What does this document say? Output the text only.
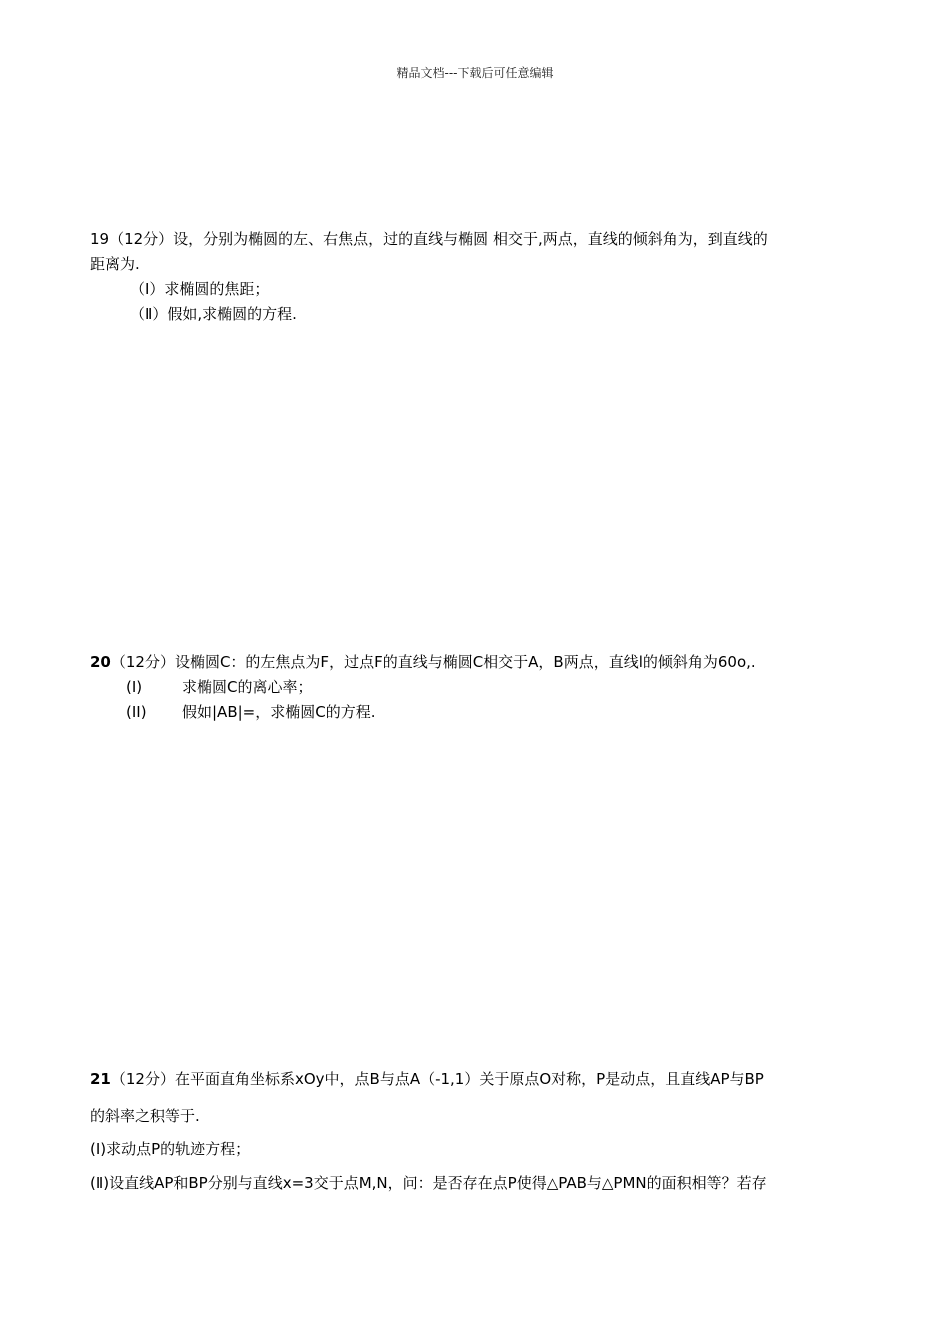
精品文档---下载后可任意编辑
19（12分）设，分别为椭圆的左、右焦点，过的直线与椭圆 相交于,两点，直线的倾斜角为，到直线的
距离为.
（Ⅰ）求椭圆的焦距；
（Ⅱ）假如,求椭圆的方程.
20（12分）设椭圆C：的左焦点为F，过点F的直线与椭圆C相交于A，B两点，直线l的倾斜角为60o,.
(I)	求椭圆C的离心率；
(II) 假如|AB|=，求椭圆C的方程.
21（12分）在平面直角坐标系xOy中，点B与点A（-1,1）关于原点O对称，P是动点，且直线AP与BP
的斜率之积等于.
(Ⅰ)求动点P的轨迹方程；
(Ⅱ)设直线AP和BP分别与直线x=3交于点M,N，问：是否存在点P使得△PAB与△PMN的面积相等？若存
